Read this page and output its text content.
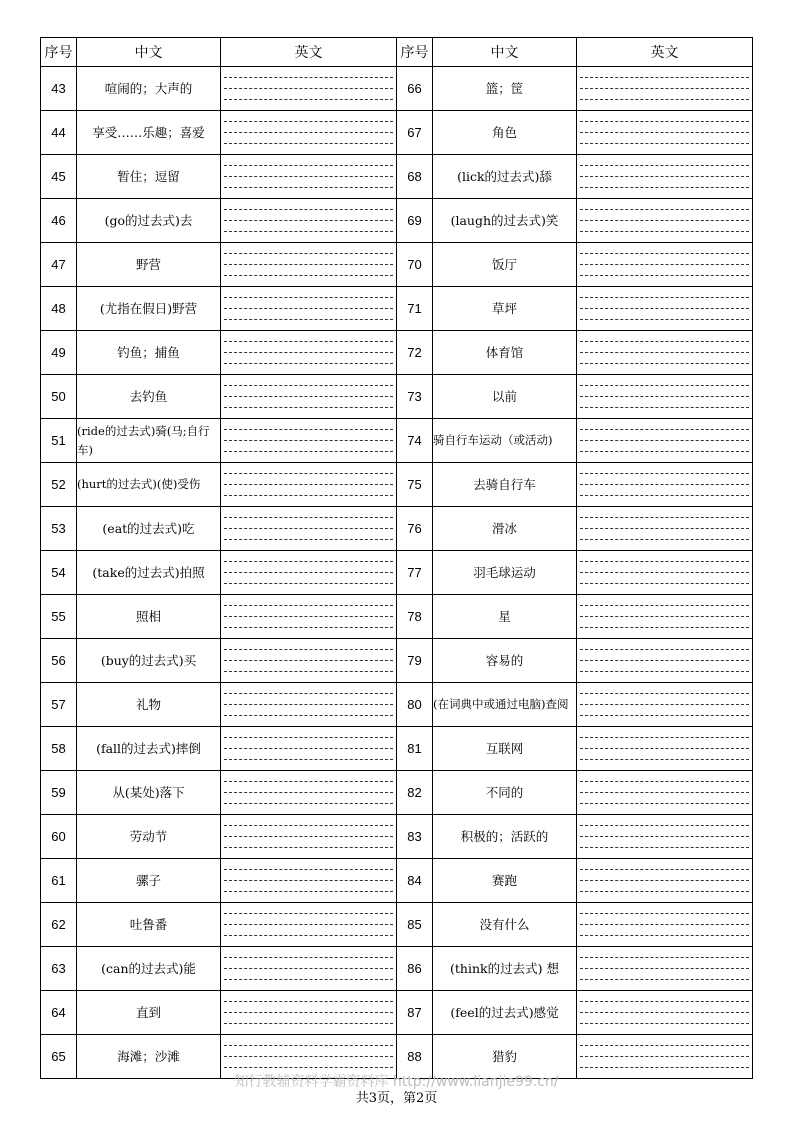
序号	中文	英文	序号	中文	英文
43	喧闹的；大声的		66	篮；筐	

44	享受……乐趣；喜爱		67	角色	

45	暂住；逗留		68	(lick的过去式)舔	

46	(go的过去式)去		69	(laugh的过去式)笑	

47	野营		70	饭厅	

48	(尤指在假日)野营		71	草坪	

49	钓鱼；捕鱼		72	体育馆	

50	去钓鱼		73	以前	

51	(ride的过去式)骑(马;自行车)		74	骑自行车运动（或活动)	

52	(hurt的过去式)(使)受伤		75	去骑自行车	

53	(eat的过去式)吃		76	滑冰	

54	(take的过去式)拍照		77	羽毛球运动	

55	照相		78	星	

56	(buy的过去式)买		79	容易的	

57	礼物		80	(在词典中或通过电脑)查阅	

58	(fall的过去式)摔倒		81	互联网	

59	从(某处)落下		82	不同的	

60	劳动节		83	积极的；活跃的	

61	骡子		84	赛跑	

62	吐鲁番		85	没有什么	

63	(can的过去式)能		86	(think的过去式) 想	

64	直到		87	(feel的过去式)感觉	

65	海滩；沙滩		88	猎豹	
知行教辅资料学霸资料库 http://www.lianjie99.cn/
共3页，第2页
